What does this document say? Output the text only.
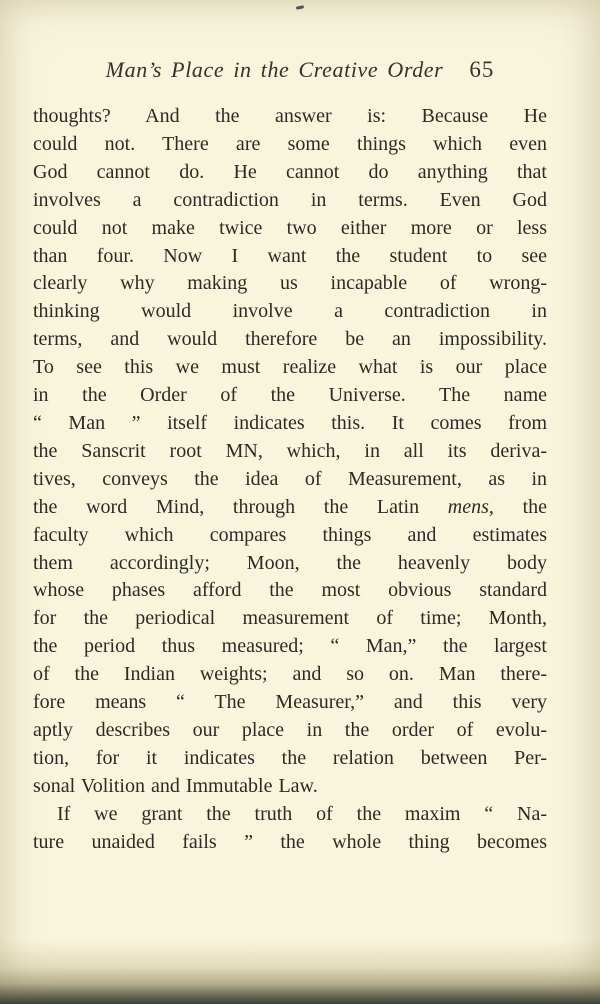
Man’s Place in the Creative Order 65
thoughts? And the answer is: Because He
could not. There are some things which even
God cannot do. He cannot do anything that
involves a contradiction in terms. Even God
could not make twice two either more or less
than four. Now I want the student to see
clearly why making us incapable of wrong-
thinking would involve a contradiction in
terms, and would therefore be an impossibility.
To see this we must realize what is our place
in the Order of the Universe. The name
“ Man ” itself indicates this. It comes from
the Sanscrit root MN, which, in all its deriva-
tives, conveys the idea of Measurement, as in
the word Mind, through the Latin mens, the
faculty which compares things and estimates
them accordingly; Moon, the heavenly body
whose phases afford the most obvious standard
for the periodical measurement of time; Month,
the period thus measured; “ Man,” the largest
of the Indian weights; and so on. Man there-
fore means “ The Measurer,” and this very
aptly describes our place in the order of evolu-
tion, for it indicates the relation between Per-
sonal Volition and Immutable Law.
If we grant the truth of the maxim “ Na-
ture unaided fails ” the whole thing becomes
